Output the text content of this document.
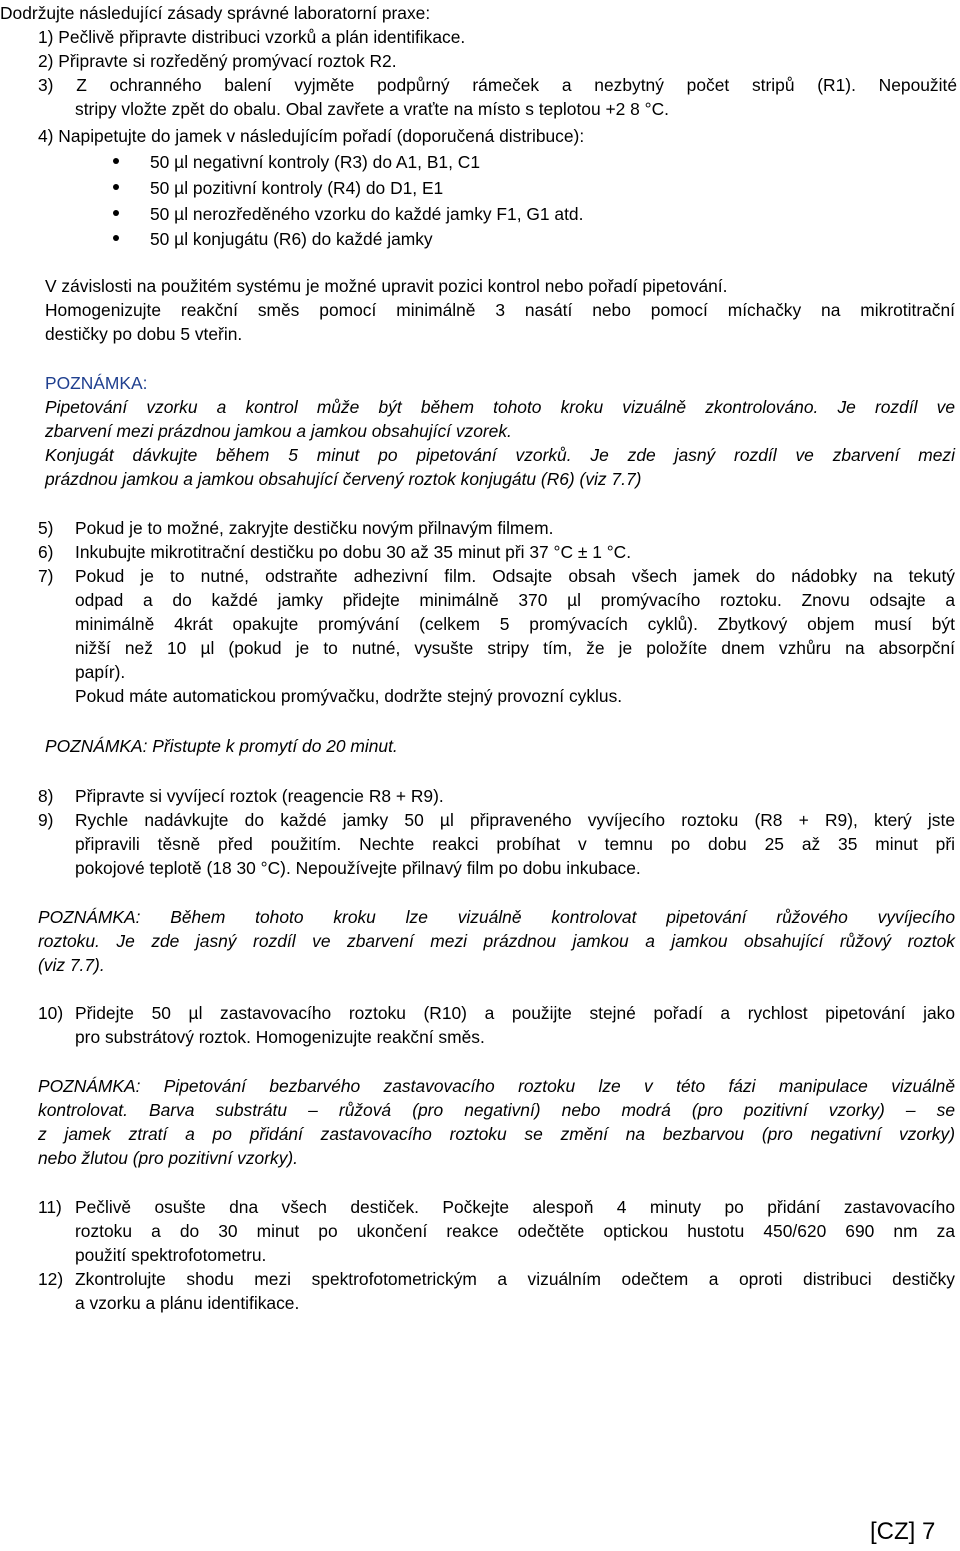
Dodržujte následující zásady správné laboratorní praxe:

1) Pečlivě připravte distribuci vzorků a plán identifikace.

2) Připravte si rozředěný promývací roztok R2.

3) Z ochranného balení vyjměte podpůrný rámeček a nezbytný počet stripů (R1). Nepoužité

stripy vložte zpět do obalu. Obal zavřete a vraťte na místo s teplotou +2 8 °C.

4) Napipetujte do jamek v následujícím pořadí (doporučená distribuce):

50 µl negativní kontroly (R3) do A1, B1, C1

50 µl pozitivní kontroly (R4) do D1, E1

50 µl nerozředěného vzorku do každé jamky F1, G1 atd.

50 µl konjugátu (R6) do každé jamky

V závislosti na použitém systému je možné upravit pozici kontrol nebo pořadí pipetování.

Homogenizujte reakční směs pomocí minimálně 3 nasátí nebo pomocí míchačky na mikrotitrační

destičky po dobu 5 vteřin.

POZNÁMKA:

Pipetování vzorku a kontrol může být během tohoto kroku vizuálně zkontrolováno. Je rozdíl ve

zbarvení mezi prázdnou jamkou a jamkou obsahující vzorek.

Konjugát dávkujte během 5 minut po pipetování vzorků. Je zde jasný rozdíl ve zbarvení mezi

prázdnou jamkou a jamkou obsahující červený roztok konjugátu (R6) (viz 7.7)

5) Pokud je to možné, zakryjte destičku novým přilnavým filmem.

6) Inkubujte mikrotitrační destičku po dobu 30 až 35 minut při 37 °C ± 1 °C.

7) Pokud je to nutné, odstraňte adhezivní film. Odsajte obsah všech jamek do nádobky na tekutý

odpad a do každé jamky přidejte minimálně 370 µl promývacího roztoku. Znovu odsajte a

minimálně 4krát opakujte promývání (celkem 5 promývacích cyklů). Zbytkový objem musí být

nižší než 10 µl (pokud je to nutné, vysušte stripy tím, že je položíte dnem vzhůru na absorpční

papír).

Pokud máte automatickou promývačku, dodržte stejný provozní cyklus.

POZNÁMKA: Přistupte k promytí do 20 minut.

8) Připravte si vyvíjecí roztok (reagencie R8 + R9).

9) Rychle nadávkujte do každé jamky 50 µl připraveného vyvíjecího roztoku (R8 + R9), který jste

připravili těsně před použitím. Nechte reakci probíhat v temnu po dobu 25 až 35 minut při

pokojové teplotě (18 30 °C). Nepoužívejte přilnavý film po dobu inkubace.

POZNÁMKA: Během tohoto kroku lze vizuálně kontrolovat pipetování růžového vyvíjecího

roztoku. Je zde jasný rozdíl ve zbarvení mezi prázdnou jamkou a jamkou obsahující růžový roztok

(viz 7.7).

10) Přidejte 50 µl zastavovacího roztoku (R10) a použijte stejné pořadí a rychlost pipetování jako

pro substrátový roztok. Homogenizujte reakční směs.

POZNÁMKA: Pipetování bezbarvého zastavovacího roztoku lze v této fázi manipulace vizuálně

kontrolovat. Barva substrátu – růžová (pro negativní) nebo modrá (pro pozitivní vzorky) – se

z jamek ztratí a po přidání zastavovacího roztoku se změní na bezbarvou (pro negativní vzorky)

nebo žlutou (pro pozitivní vzorky).

11) Pečlivě osušte dna všech destiček. Počkejte alespoň 4 minuty po přidání zastavovacího

roztoku a do 30 minut po ukončení reakce odečtěte optickou hustotu 450/620 690 nm za

použití spektrofotometru.

12) Zkontrolujte shodu mezi spektrofotometrickým a vizuálním odečtem a oproti distribuci destičky

a vzorku a plánu identifikace.

[CZ] 7
